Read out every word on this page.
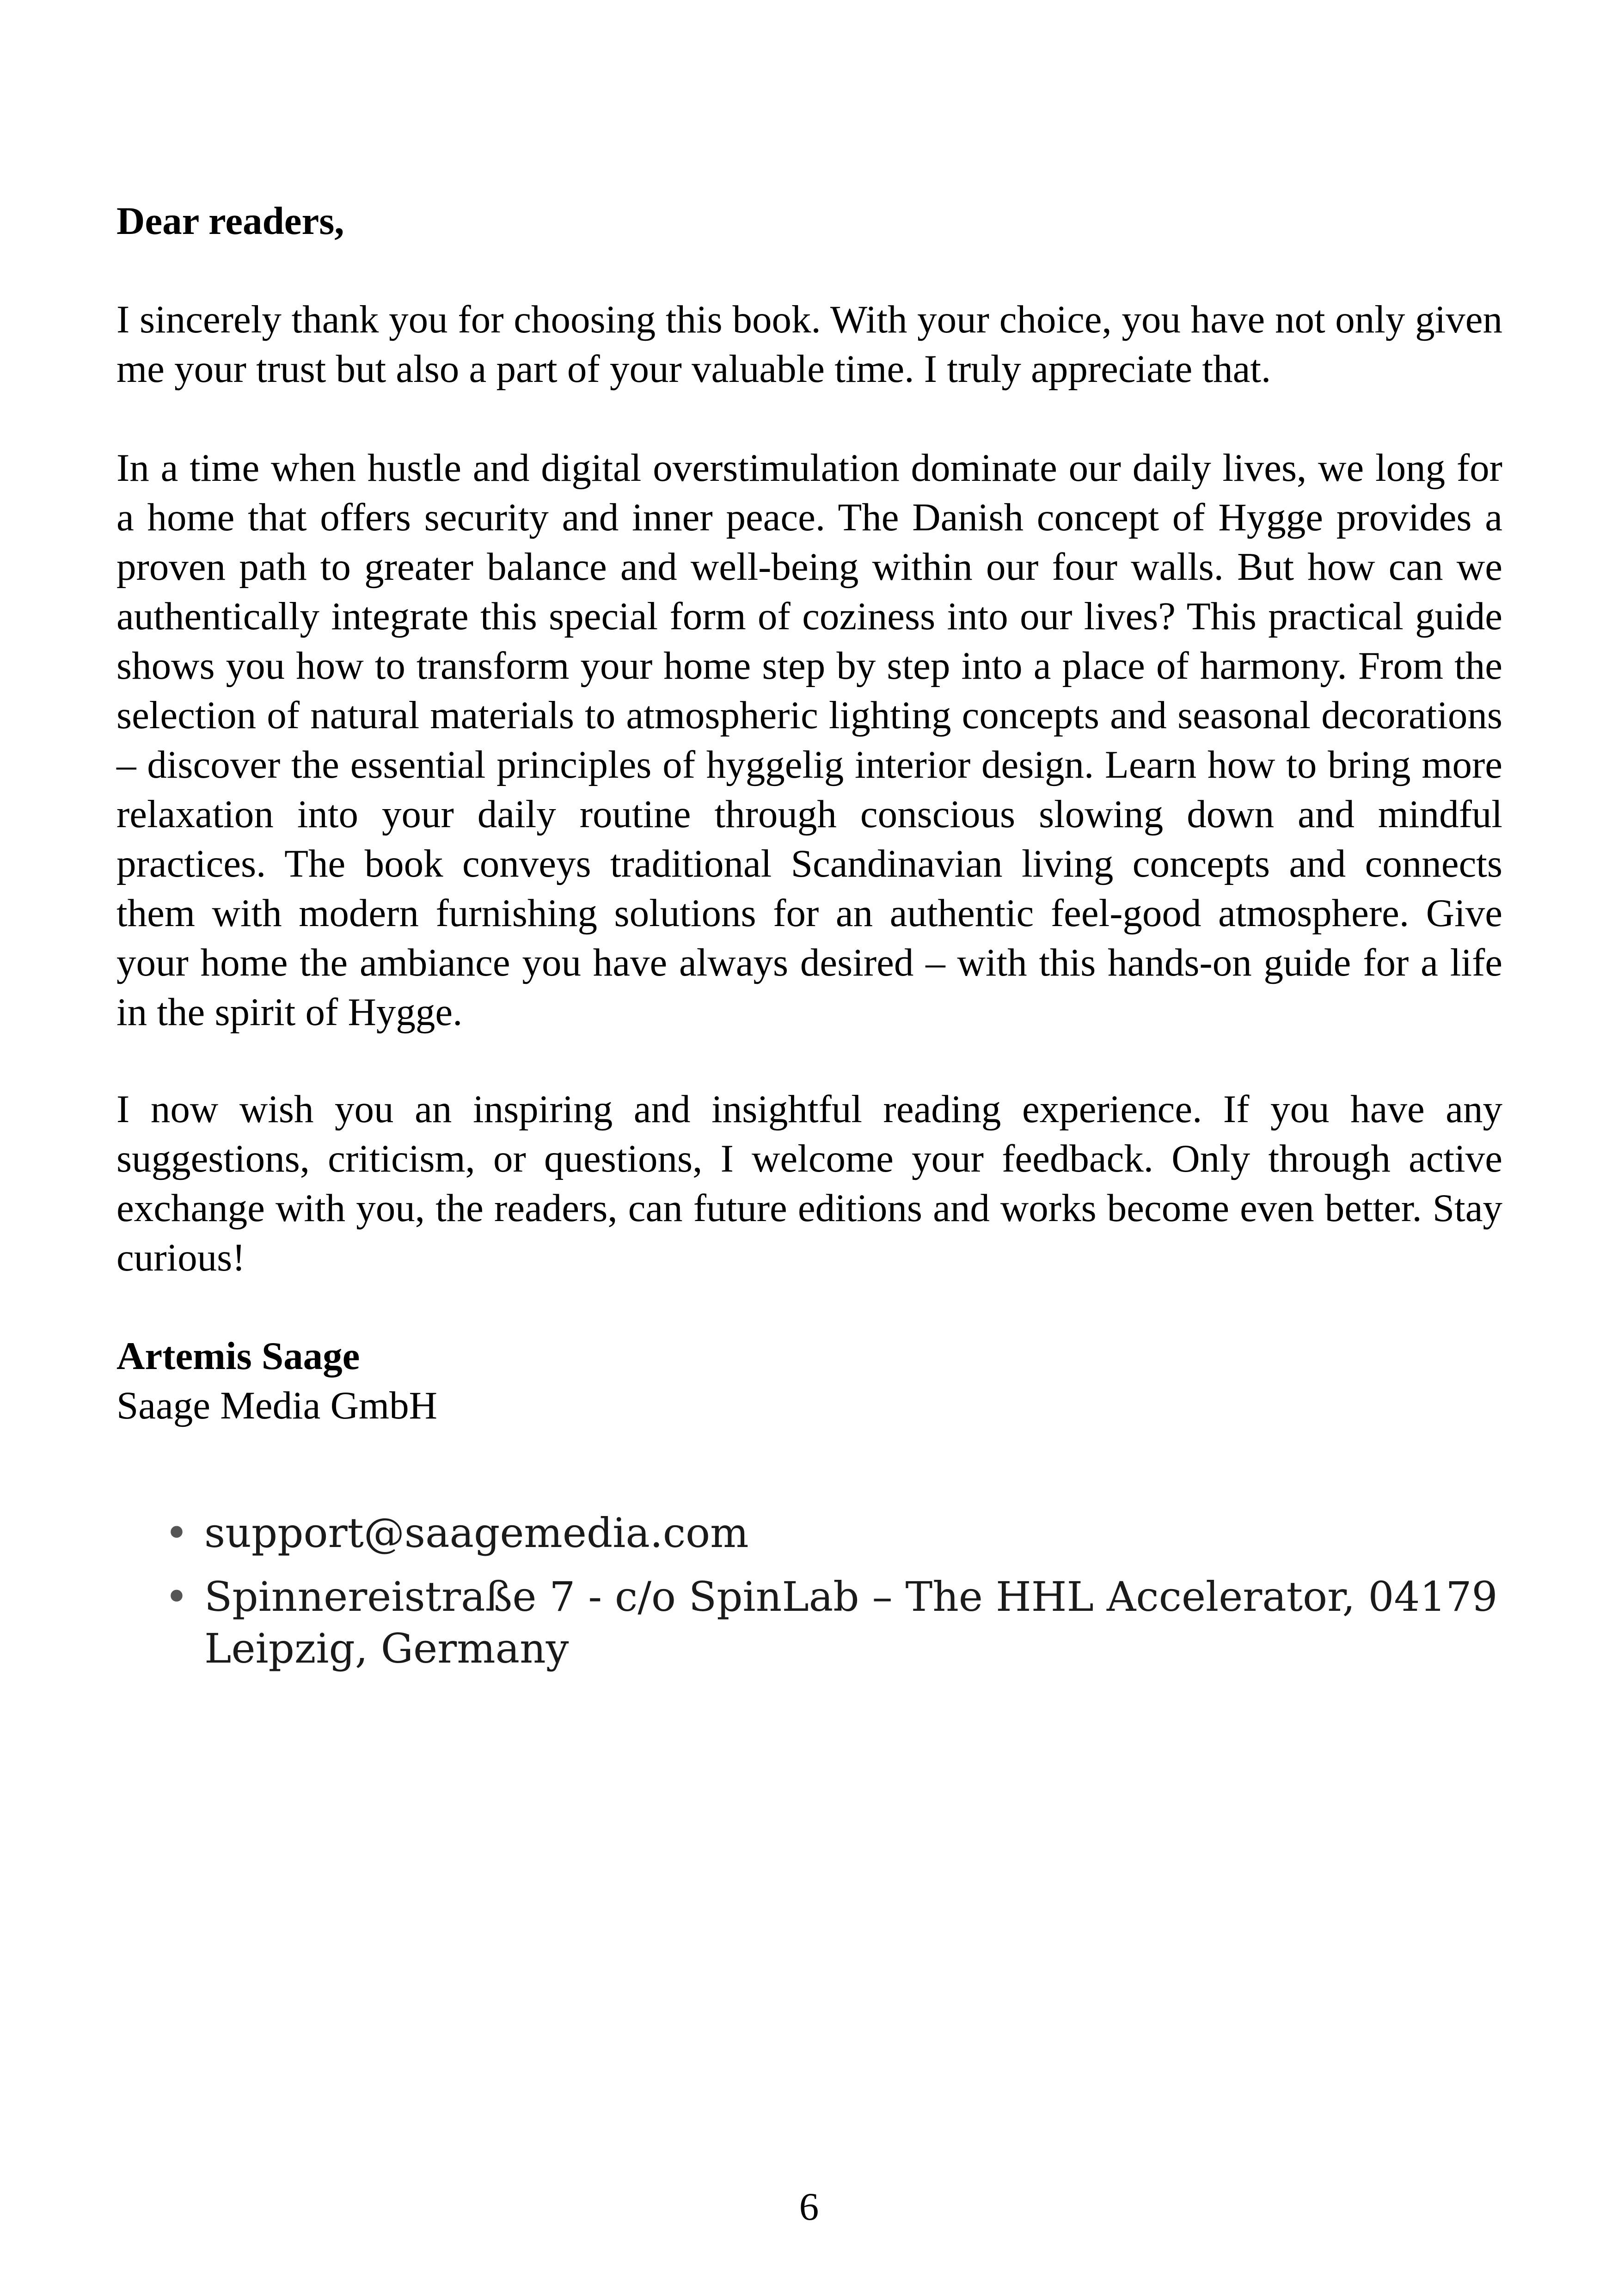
Dear readers,

I sincerely thank you for choosing this book. With your choice, you have not only given me your trust but also a part of your valuable time. I truly appreciate that.

In a time when hustle and digital overstimulation dominate our daily lives, we long for a home that offers security and inner peace. The Danish concept of Hygge provides a proven path to greater balance and well-being within our four walls. But how can we authentically integrate this special form of coziness into our lives? This practical guide shows you how to transform your home step by step into a place of harmony. From the selection of natural materials to atmospheric lighting concepts and seasonal decorations – discover the essential principles of hyggelig interior design. Learn how to bring more relaxation into your daily routine through conscious slowing down and mindful practices. The book conveys traditional Scandinavian living concepts and connects them with modern furnishing solutions for an authentic feel-good atmosphere. Give your home the ambiance you have always desired – with this hands-on guide for a life in the spirit of Hygge.

I now wish you an inspiring and insightful reading experience. If you have any suggestions, criticism, or questions, I welcome your feedback. Only through active exchange with you, the readers, can future editions and works become even better. Stay curious!

Artemis Saage

Saage Media GmbH

• support@saagemedia.com
• Spinnereistraße 7 - c/o SpinLab – The HHL Accelerator, 04179 Leipzig, Germany
6
